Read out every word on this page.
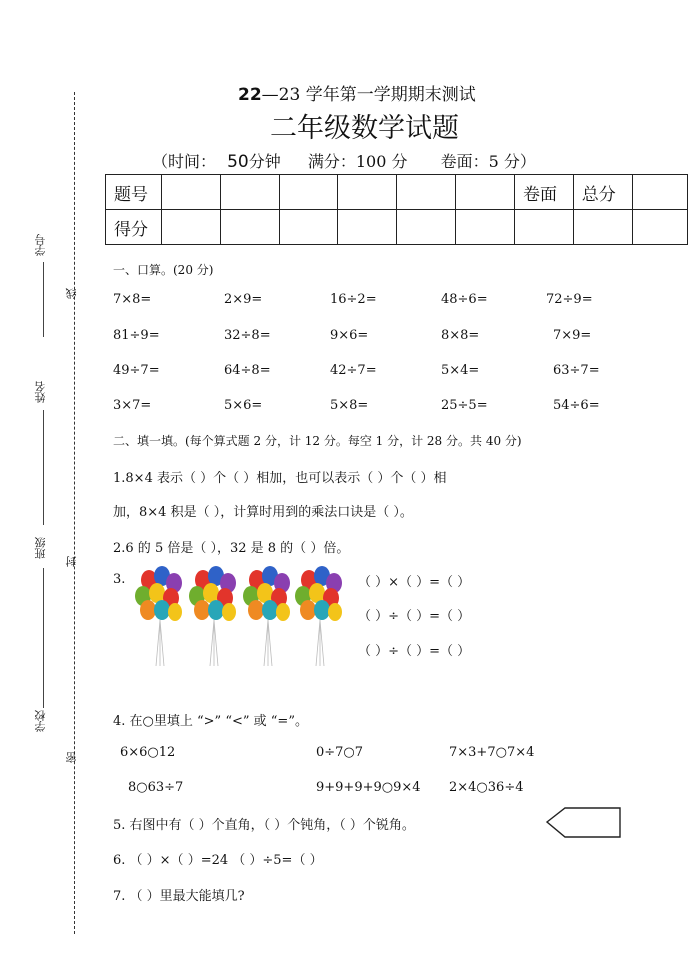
学号
线
姓名
班级
封
学校
密
22—23 学年第一学期期末测试
二年级数学试题
（时间： 50分钟 满分：100 分 卷面：5 分）
题号							卷面	总分	
得分									
一、口算。(20 分)
7×8=	2×9=	16÷2=	48÷6=	72÷9=
81÷9=	32÷8=	9×6=	8×8=	7×9=
49÷7=	64÷8=	42÷7=	5×4=	63÷7=
3×7=	5×6=	5×8=	25÷5=	54÷6=
二、填一填。(每个算式题 2 分，计 12 分。每空 1 分，计 28 分。共 40 分)
1.8×4 表示（ ）个（ ）相加，也可以表示（ ）个（ ）相
加，8×4 积是（ ），计算时用到的乘法口诀是（ ）。
2.6 的 5 倍是（ ），32 是 8 的（ ）倍。
3.	（ ）×（ ）=（ ）
（ ）÷（ ）=（ ）
（ ）÷（ ）=（ ）
4. 在○里填上 “>” “<” 或 “=”。
6×6○12	0÷7○7	7×3+7○7×4
8○63÷7	9+9+9+9○9×4 2×4○36÷4
5. 右图中有（ ）个直角，（ ）个钝角，（ ）个锐角。
6. （ ）×（ ）=24 （ ）÷5=（ ）
7. （ ）里最大能填几?
